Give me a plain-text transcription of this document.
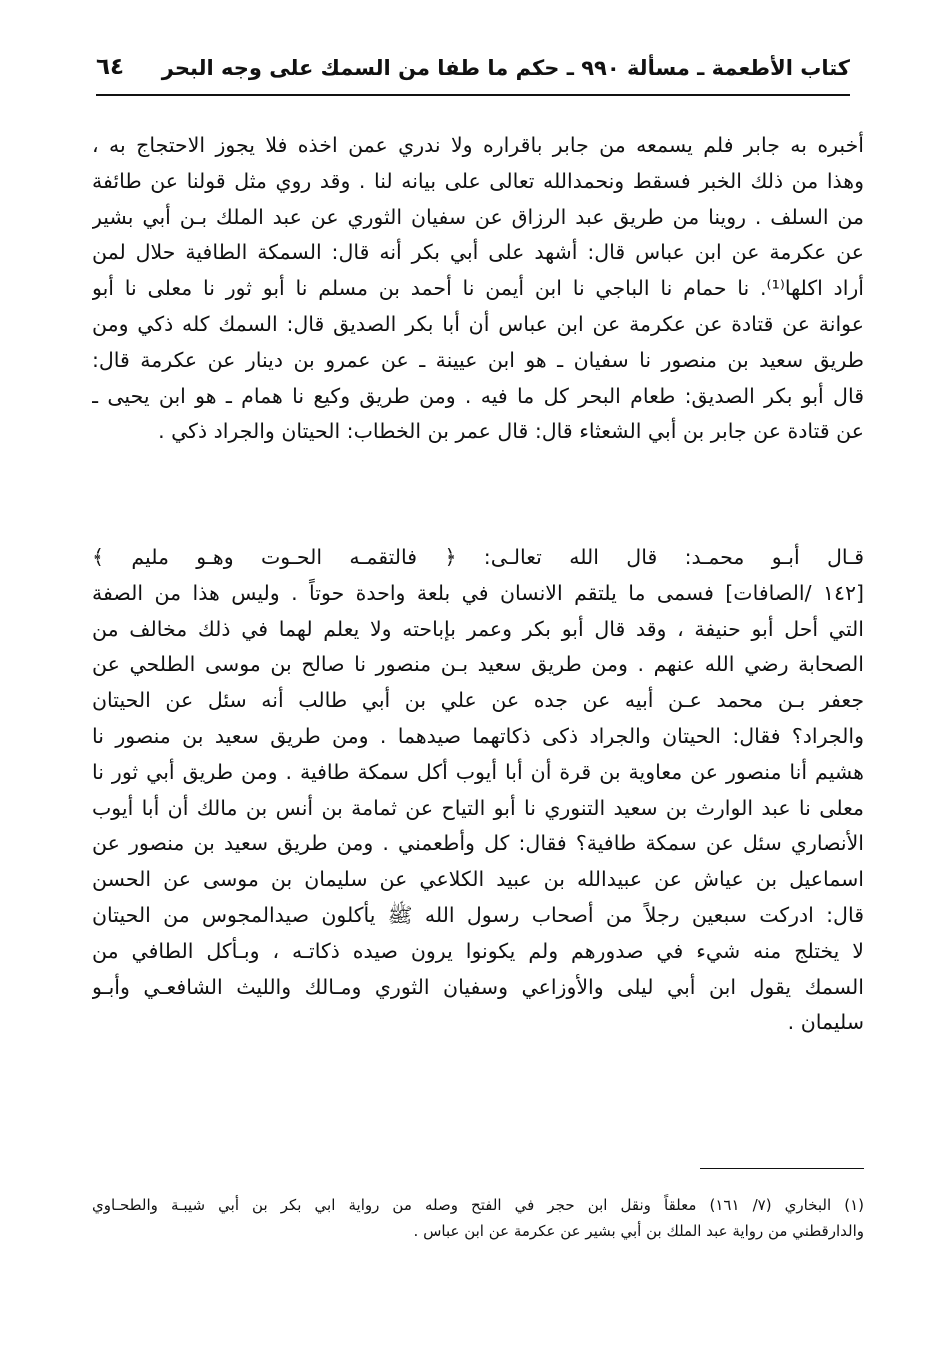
كتاب الأطعمة ـ مسألة ٩٩٠ ـ حكم ما طفا من السمك على وجه البحر
٦٤
أخبره به جابر فلم يسمعه من جابر باقراره ولا ندري عمن اخذه فلا يجوز الاحتجاج به ،
وهذا من ذلك الخبر فسقط ونحمدالله تعالى على بيانه لنا . وقد روي مثل قولنا عن طائفة
من السلف . روينا من طريق عبد الرزاق عن سفيان الثوري عن عبد الملك بـن أبي بشير
عن عكرمة عن ابن عباس قال: أشهد على أبي بكر أنه قال: السمكة الطافية حلال لمن
أراد اكلها⁽¹⁾. نا حمام نا الباجي نا ابن أيمن نا أحمد بن مسلم نا أبو ثور نا معلى نا أبو
عوانة عن قتادة عن عكرمة عن ابن عباس أن أبا بكر الصديق قال: السمك كله ذكي ومن
طريق سعيد بن منصور نا سفيان ـ هو ابن عيينة ـ عن عمرو بن دينار عن عكرمة قال:
قال أبو بكر الصديق: طعام البحر كل ما فيه . ومن طريق وكيع نا همام ـ هو ابن يحيى ـ
عن قتادة عن جابر بن أبي الشعثاء قال: قال عمر بن الخطاب: الحيتان والجراد ذكي .
قـال أبـو محمـد: قال الله تعالـى: ﴿ فالتقمـه الحـوت وهـو مليم ﴾
[١٤٢ /الصافات] فسمى ما يلتقم الانسان في بلعة واحدة حوتاً . وليس هذا من الصفة
التي أحل أبو حنيفة ، وقد قال أبو بكر وعمر بإباحته ولا يعلم لهما في ذلك مخالف من
الصحابة رضي الله عنهم . ومن طريق سعيد بـن منصور نا صالح بن موسى الطلحي عن
جعفر بـن محمد عـن أبيه عن جده عن علي بن أبي طالب أنه سئل عن الحيتان
والجراد؟ فقال: الحيتان والجراد ذكى ذكاتهما صيدهما . ومن طريق سعيد بن منصور نا
هشيم أنا منصور عن معاوية بن قرة أن أبا أيوب أكل سمكة طافية . ومن طريق أبي ثور نا
معلى نا عبد الوارث بن سعيد التنوري نا أبو التياح عن ثمامة بن أنس بن مالك أن أبا أيوب
الأنصاري سئل عن سمكة طافية؟ فقال: كل وأطعمني . ومن طريق سعيد بن منصور عن
اسماعيل بن عياش عن عبيدالله بن عبيد الكلاعي عن سليمان بن موسى عن الحسن
قال: ادركت سبعين رجلاً من أصحاب رسول الله ﷺ يأكلون صيدالمجوس من الحيتان
لا يختلج منه شيء في صدورهم ولم يكونوا يرون صيده ذكاتـه ، وبـأكل الطافي من
السمك يقول ابن أبي ليلى والأوزاعي وسفيان الثوري ومـالك والليث الشافعـي وأبـو
سليمان .
(١) البخاري (٧/ ١٦١) معلقاً ونقل ابن حجر في الفتح وصله من رواية ابي بكر بن أبي شيبـة والطحـاوي
والدارقطني من رواية عبد الملك بن أبي بشير عن عكرمة عن ابن عباس .
